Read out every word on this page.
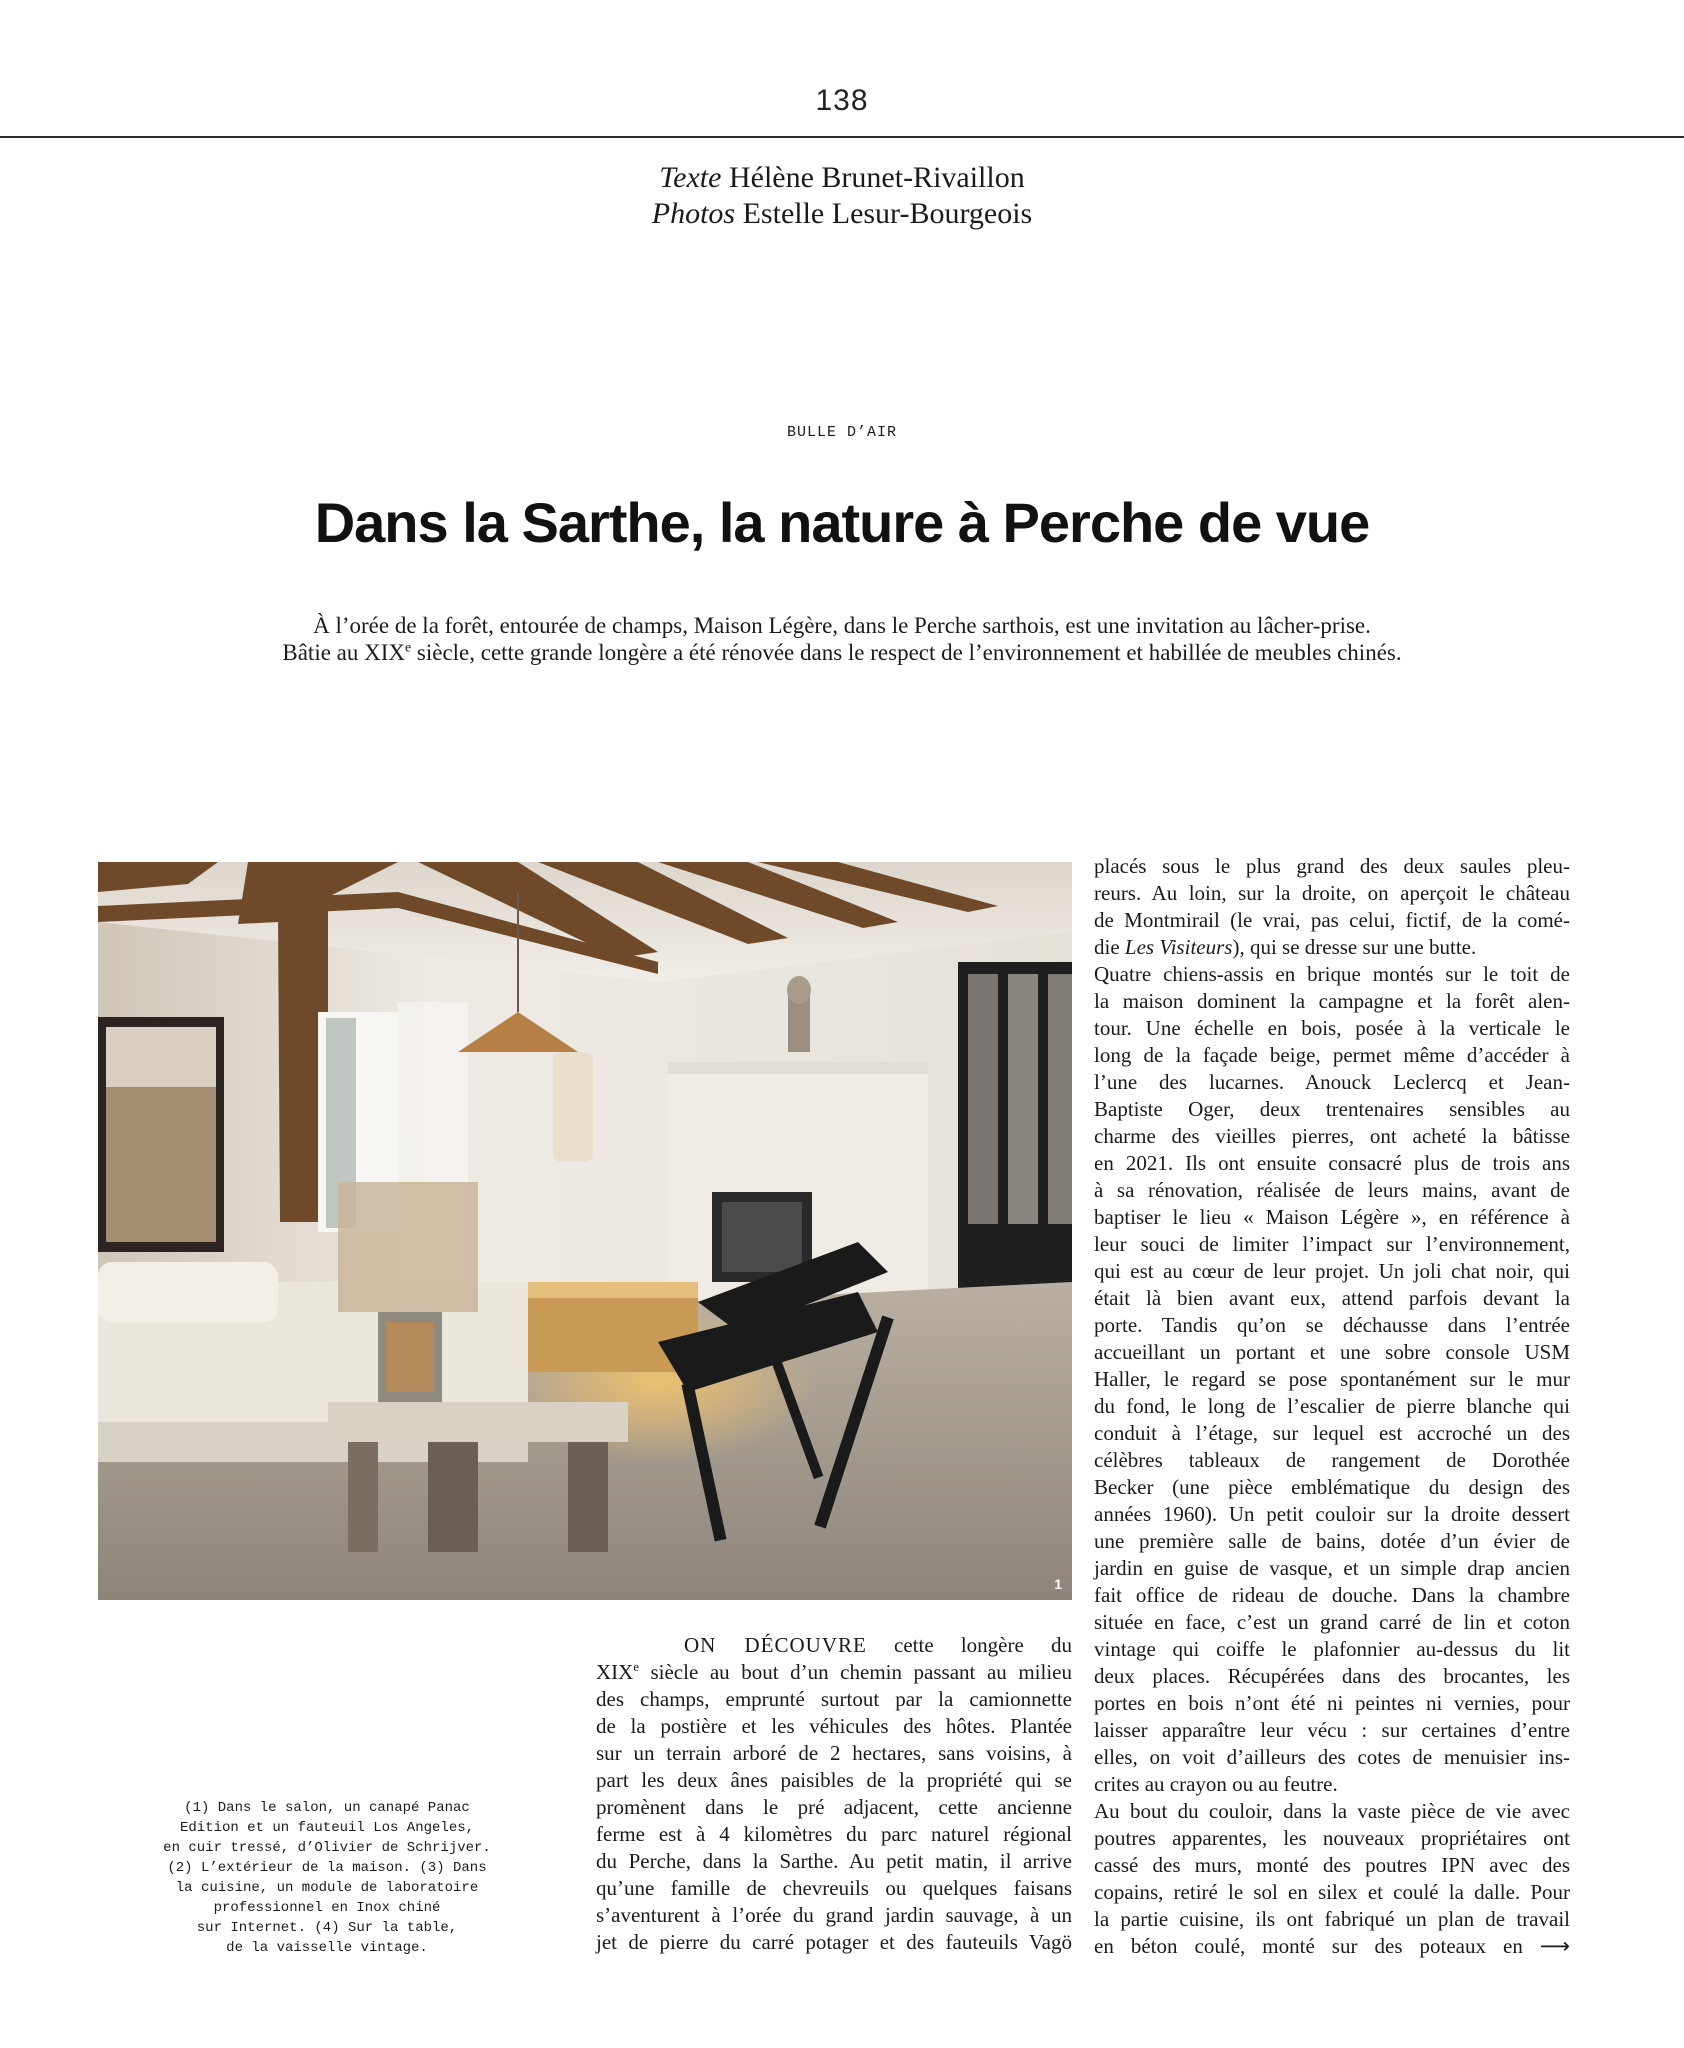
138
Texte Hélène Brunet-Rivaillon
Photos Estelle Lesur-Bourgeois
BULLE D’AIR
Dans la Sarthe, la nature à Perche de vue
À l’orée de la forêt, entourée de champs, Maison Légère, dans le Perche sarthois, est une invitation au lâcher-prise.
Bâtie au XIXe siècle, cette grande longère a été rénovée dans le respect de l’environnement et habillée de meubles chinés.
1
(1) Dans le salon, un canapé Panac
Edition et un fauteuil Los Angeles,
en cuir tressé, d’Olivier de Schrijver.
(2) L’extérieur de la maison. (3) Dans
la cuisine, un module de laboratoire
professionnel en Inox chiné
sur Internet. (4) Sur la table,
de la vaisselle vintage.
ON DÉCOUVRE cette longère du
XIXe siècle au bout d’un chemin passant au milieu
des champs, emprunté surtout par la camionnette
de la postière et les véhicules des hôtes. Plantée
sur un terrain arboré de 2 hectares, sans voisins, à
part les deux ânes paisibles de la propriété qui se
promènent dans le pré adjacent, cette ancienne
ferme est à 4 kilomètres du parc naturel régional
du Perche, dans la Sarthe. Au petit matin, il arrive
qu’une famille de chevreuils ou quelques faisans
s’aventurent à l’orée du grand jardin sauvage, à un
jet de pierre du carré potager et des fauteuils Vagö
placés sous le plus grand des deux saules pleu-
reurs. Au loin, sur la droite, on aperçoit le château
de Montmirail (le vrai, pas celui, fictif, de la comé-
die Les Visiteurs), qui se dresse sur une butte.
Quatre chiens-assis en brique montés sur le toit de
la maison dominent la campagne et la forêt alen-
tour. Une échelle en bois, posée à la verticale le
long de la façade beige, permet même d’accéder à
l’une des lucarnes. Anouck Leclercq et Jean-
Baptiste Oger, deux trentenaires sensibles au
charme des vieilles pierres, ont acheté la bâtisse
en 2021. Ils ont ensuite consacré plus de trois ans
à sa rénovation, réalisée de leurs mains, avant de
baptiser le lieu « Maison Légère », en référence à
leur souci de limiter l’impact sur l’environnement,
qui est au cœur de leur projet. Un joli chat noir, qui
était là bien avant eux, attend parfois devant la
porte. Tandis qu’on se déchausse dans l’entrée
accueillant un portant et une sobre console USM
Haller, le regard se pose spontanément sur le mur
du fond, le long de l’escalier de pierre blanche qui
conduit à l’étage, sur lequel est accroché un des
célèbres tableaux de rangement de Dorothée
Becker (une pièce emblématique du design des
années 1960). Un petit couloir sur la droite dessert
une première salle de bains, dotée d’un évier de
jardin en guise de vasque, et un simple drap ancien
fait office de rideau de douche. Dans la chambre
située en face, c’est un grand carré de lin et coton
vintage qui coiffe le plafonnier au-dessus du lit
deux places. Récupérées dans des brocantes, les
portes en bois n’ont été ni peintes ni vernies, pour
laisser apparaître leur vécu : sur certaines d’entre
elles, on voit d’ailleurs des cotes de menuisier ins-
crites au crayon ou au feutre.
Au bout du couloir, dans la vaste pièce de vie avec
poutres apparentes, les nouveaux propriétaires ont
cassé des murs, monté des poutres IPN avec des
copains, retiré le sol en silex et coulé la dalle. Pour
la partie cuisine, ils ont fabriqué un plan de travail
en béton coulé, monté sur des poteaux en ⟶
